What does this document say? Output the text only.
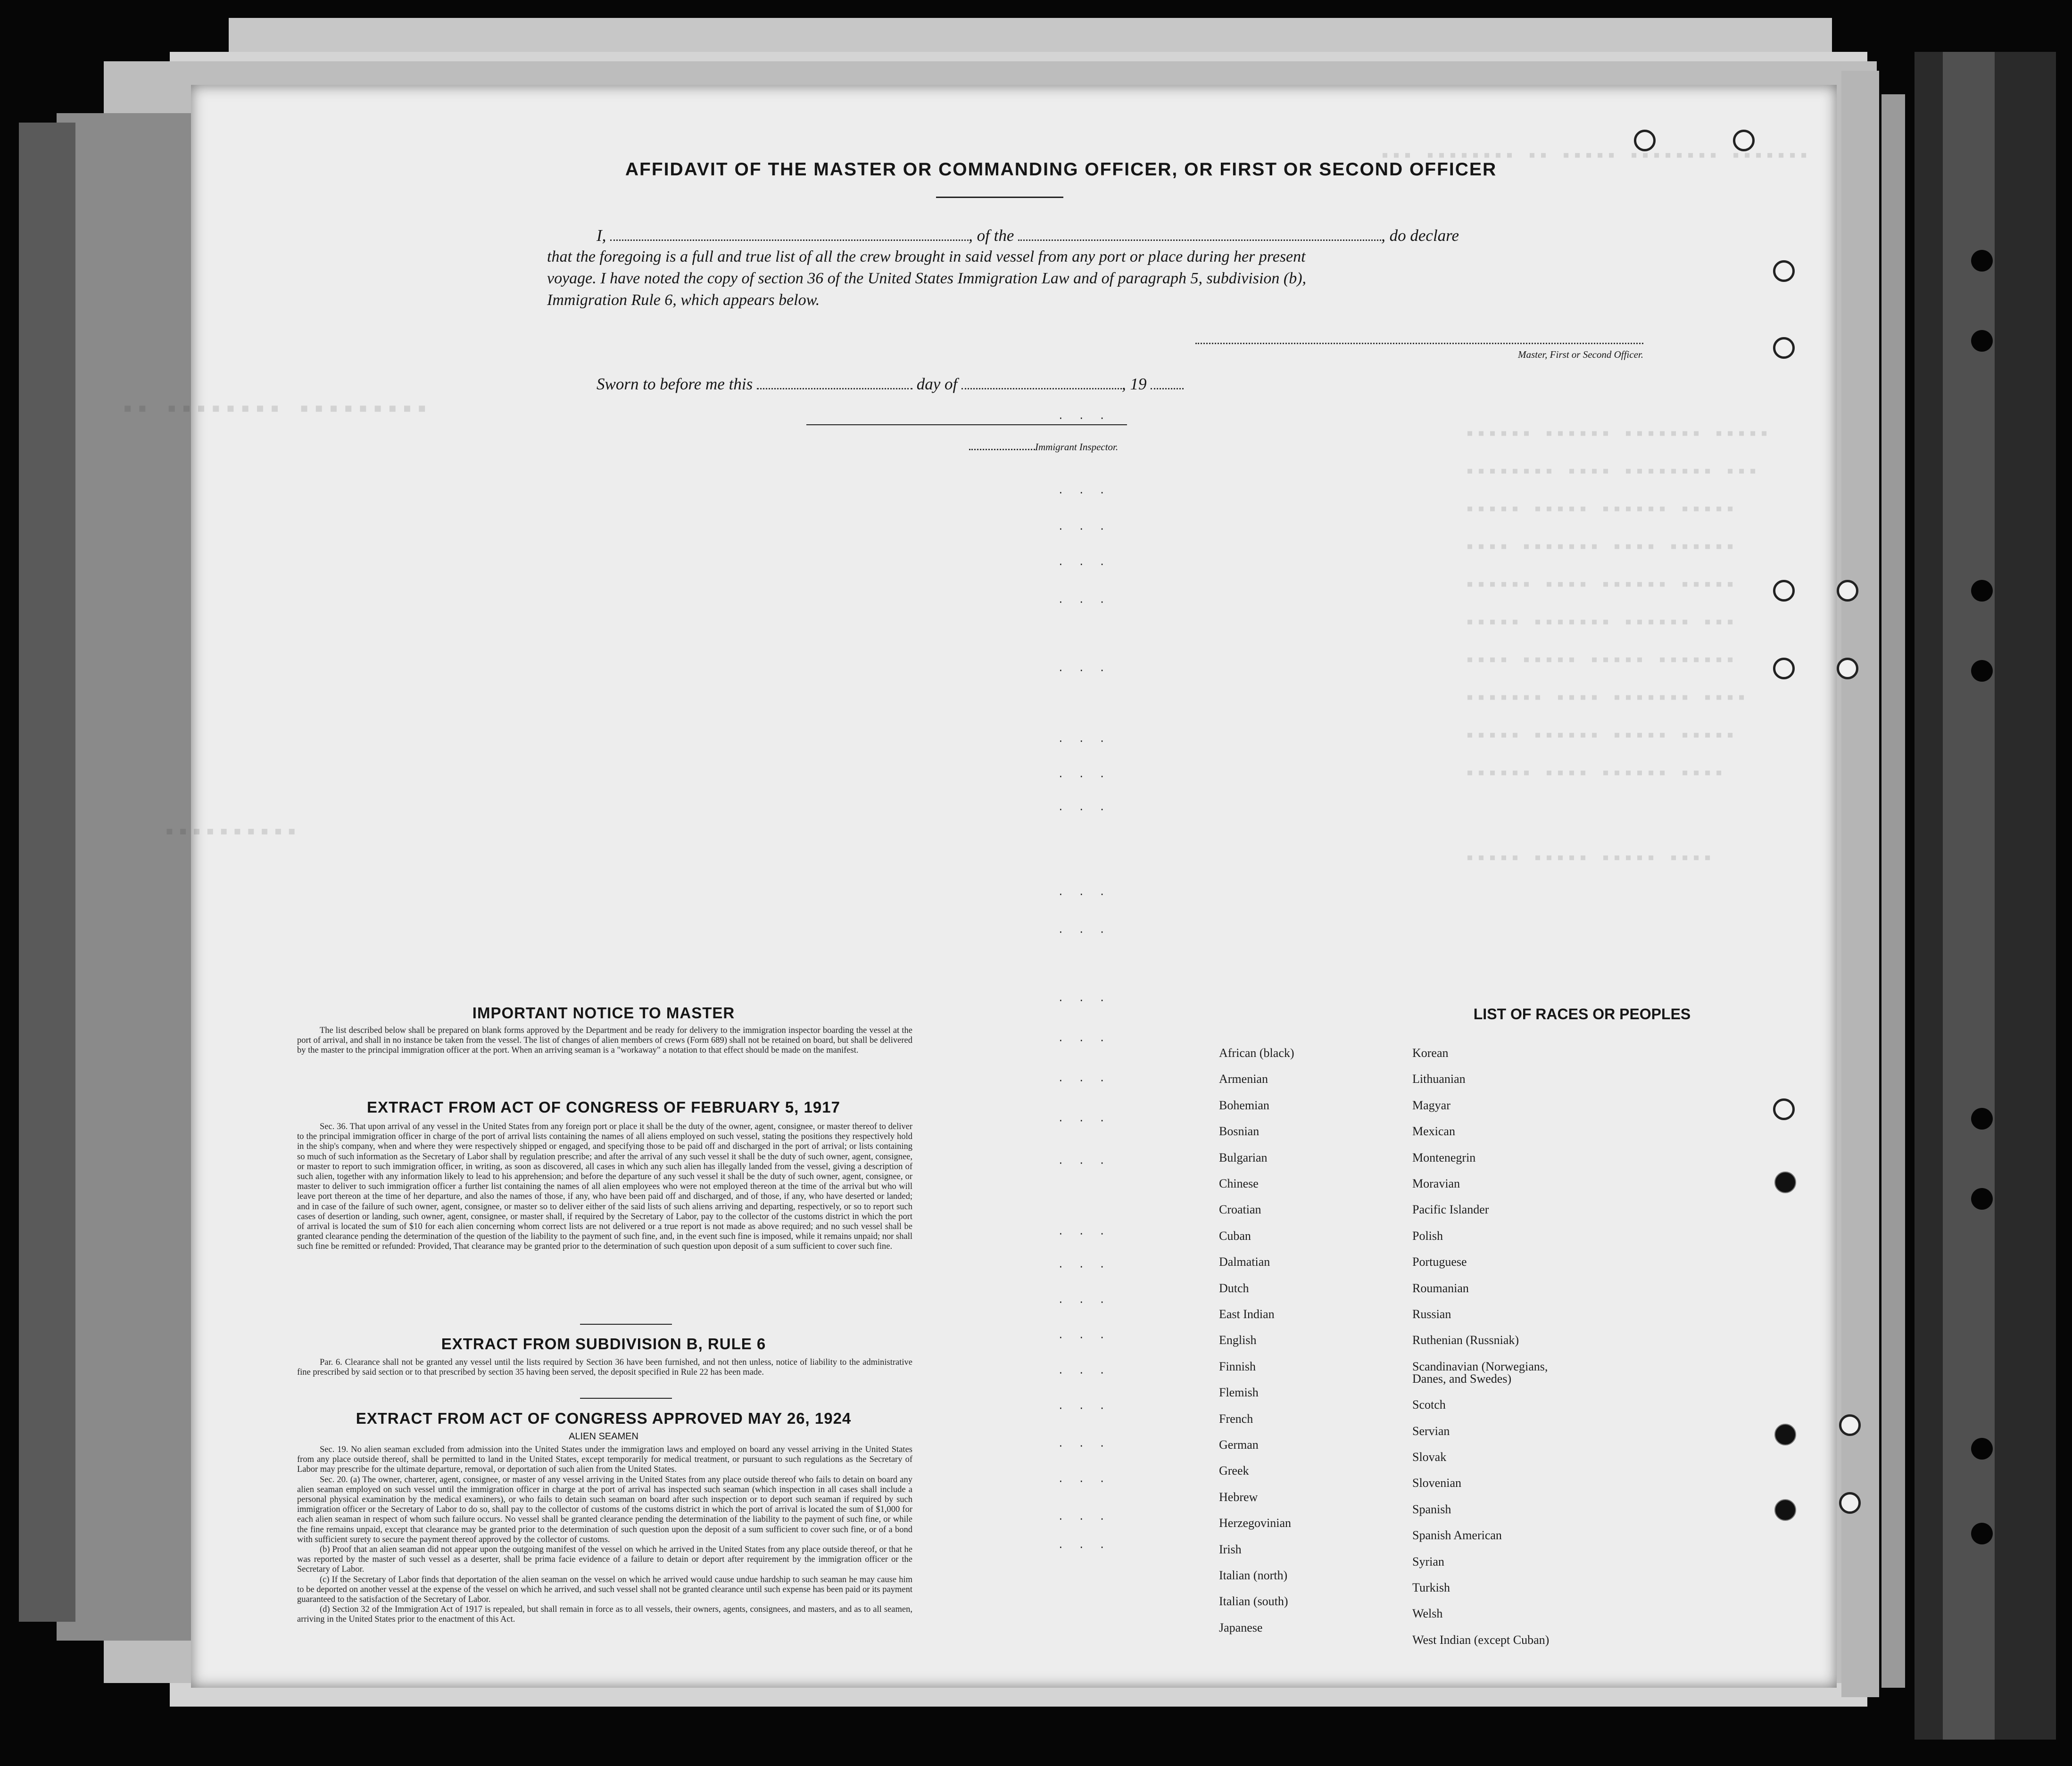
▪▪▪ ▪▪▪▪▪▪▪▪ ▪▪ ▪▪▪▪▪ ▪▪▪▪▪▪▪▪ ▪▪▪▪▪▪▪
▪▪ ▪▪▪▪▪▪▪▪ ▪▪▪▪▪▪▪▪▪
▪▪▪▪▪▪ ▪▪▪▪▪▪ ▪▪▪▪▪▪▪ ▪▪▪▪▪
▪▪▪▪▪▪▪▪ ▪▪▪▪ ▪▪▪▪▪▪▪▪ ▪▪▪
▪▪▪▪▪ ▪▪▪▪▪ ▪▪▪▪▪▪ ▪▪▪▪▪
▪▪▪▪ ▪▪▪▪▪▪▪ ▪▪▪▪ ▪▪▪▪▪▪
▪▪▪▪▪▪ ▪▪▪▪ ▪▪▪▪▪▪ ▪▪▪▪▪
▪▪▪▪▪ ▪▪▪▪▪▪▪ ▪▪▪▪▪▪ ▪▪▪
▪▪▪▪ ▪▪▪▪▪ ▪▪▪▪▪ ▪▪▪▪▪▪▪
▪▪▪▪▪▪▪ ▪▪▪▪ ▪▪▪▪▪▪▪ ▪▪▪▪
▪▪▪▪▪ ▪▪▪▪▪▪ ▪▪▪▪▪ ▪▪▪▪▪
▪▪▪▪▪▪ ▪▪▪▪ ▪▪▪▪▪▪ ▪▪▪▪
▪▪▪▪▪▪▪▪▪▪
▪▪▪▪▪ ▪▪▪▪▪ ▪▪▪▪▪ ▪▪▪▪
AFFIDAVIT OF THE MASTER OR COMMANDING OFFICER, OR FIRST OR SECOND OFFICER
I,	, of the	, do declare
that the foregoing is a full and true list of all the crew brought in said vessel from any port or place during her present
voyage. I have noted the copy of section 36 of the United States Immigration Law and of paragraph 5, subdivision (b),
Immigration Rule 6, which appears below.
Master, First or Second Officer.
Sworn to before me this	day of	, 19
Immigrant Inspector.
IMPORTANT NOTICE TO MASTER

The list described below shall be prepared on blank forms approved by the Department and be ready for delivery to the immigration inspector boarding the vessel at the port of arrival, and shall in no instance be taken from the vessel. The list of changes of alien members of crews (Form 689) shall not be retained on board, but shall be delivered by the master to the principal immigration officer at the port. When an arriving seaman is a "workaway" a notation to that effect should be made on the manifest.

EXTRACT FROM ACT OF CONGRESS OF FEBRUARY 5, 1917

Sec. 36. That upon arrival of any vessel in the United States from any foreign port or place it shall be the duty of the owner, agent, consignee, or master thereof to deliver to the principal immigration officer in charge of the port of arrival lists containing the names of all aliens employed on such vessel, stating the positions they respectively hold in the ship's company, when and where they were respectively shipped or engaged, and specifying those to be paid off and discharged in the port of arrival; or lists containing so much of such information as the Secretary of Labor shall by regulation prescribe; and after the arrival of any such vessel it shall be the duty of such owner, agent, consignee, or master to report to such immigration officer, in writing, as soon as discovered, all cases in which any such alien has illegally landed from the vessel, giving a description of such alien, together with any information likely to lead to his apprehension; and before the departure of any such vessel it shall be the duty of such owner, agent, consignee, or master to deliver to such immigration officer a further list containing the names of all alien employees who were not employed thereon at the time of the arrival but who will leave port thereon at the time of her departure, and also the names of those, if any, who have been paid off and discharged, and of those, if any, who have deserted or landed; and in case of the failure of such owner, agent, consignee, or master so to deliver either of the said lists of such aliens arriving and departing, respectively, or so to report such cases of desertion or landing, such owner, agent, consignee, or master shall, if required by the Secretary of Labor, pay to the collector of the customs district in which the port of arrival is located the sum of $10 for each alien concerning whom correct lists are not delivered or a true report is not made as above required; and no such vessel shall be granted clearance pending the determination of the question of the liability to the payment of such fine, and, in the event such fine is imposed, while it remains unpaid; nor shall such fine be remitted or refunded: Provided, That clearance may be granted prior to the determination of such question upon deposit of a sum sufficient to cover such fine.

EXTRACT FROM SUBDIVISION B, RULE 6

Par. 6. Clearance shall not be granted any vessel until the lists required by Section 36 have been furnished, and not then unless, notice of liability to the administrative fine prescribed by said section or to that prescribed by section 35 having been served, the deposit specified in Rule 22 has been made.

EXTRACT FROM ACT OF CONGRESS APPROVED MAY 26, 1924
ALIEN SEAMEN

Sec. 19. No alien seaman excluded from admission into the United States under the immigration laws and employed on board any vessel arriving in the United States from any place outside thereof, shall be permitted to land in the United States, except temporarily for medical treatment, or pursuant to such regulations as the Secretary of Labor may prescribe for the ultimate departure, removal, or deportation of such alien from the United States.

Sec. 20. (a) The owner, charterer, agent, consignee, or master of any vessel arriving in the United States from any place outside thereof who fails to detain on board any alien seaman employed on such vessel until the immigration officer in charge at the port of arrival has inspected such seaman (which inspection in all cases shall include a personal physical examination by the medical examiners), or who fails to detain such seaman on board after such inspection or to deport such seaman if required by such immigration officer or the Secretary of Labor to do so, shall pay to the collector of customs of the customs district in which the port of arrival is located the sum of $1,000 for each alien seaman in respect of whom such failure occurs. No vessel shall be granted clearance pending the determination of the liability to the payment of such fine, or while the fine remains unpaid, except that clearance may be granted prior to the determination of such question upon the deposit of a sum sufficient to cover such fine, or of a bond with sufficient surety to secure the payment thereof approved by the collector of customs.

(b) Proof that an alien seaman did not appear upon the outgoing manifest of the vessel on which he arrived in the United States from any place outside thereof, or that he was reported by the master of such vessel as a deserter, shall be prima facie evidence of a failure to detain or deport after requirement by the immigration officer or the Secretary of Labor.

(c) If the Secretary of Labor finds that deportation of the alien seaman on the vessel on which he arrived would cause undue hardship to such seaman he may cause him to be deported on another vessel at the expense of the vessel on which he arrived, and such vessel shall not be granted clearance until such expense has been paid or its payment guaranteed to the satisfaction of the Secretary of Labor.

(d) Section 32 of the Immigration Act of 1917 is repealed, but shall remain in force as to all vessels, their owners, agents, consignees, and masters, and as to all seamen, arriving in the United States prior to the enactment of this Act.

LIST OF RACES OR PEOPLES
African (black)
Armenian
Bohemian
Bosnian
Bulgarian
Chinese
Croatian
Cuban
Dalmatian
Dutch
East Indian
English
Finnish
Flemish
French
German
Greek
Hebrew
Herzegovinian
Irish
Italian (north)
Italian (south)
Japanese
Korean
Lithuanian
Magyar
Mexican
Montenegrin
Moravian
Pacific Islander
Polish
Portuguese
Roumanian
Russian
Ruthenian (Russniak)
Scandinavian (Norwegians,
Danes, and Swedes)
Scotch
Servian
Slovak
Slovenian
Spanish
Spanish American
Syrian
Turkish
Welsh
West Indian (except Cuban)
· · ·
· · ·
· · ·
· · ·
· · ·
· · ·
· · ·
· · ·
· · ·
· · ·
· · ·
· · ·
· · ·
· · ·
· · ·
· · ·
· · ·
· · ·
· · ·
· · ·
· · ·
· · ·
· · ·
· · ·
· · ·
· · ·
